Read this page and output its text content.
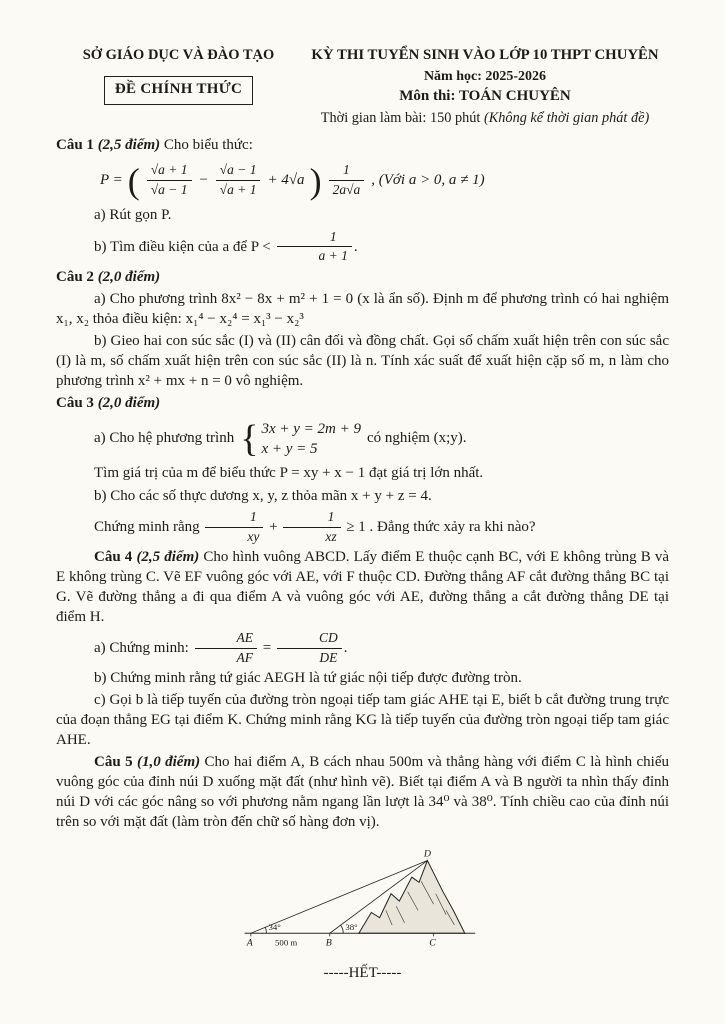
SỞ GIÁO DỤC VÀ ĐÀO TẠO
ĐỀ CHÍNH THỨC
KỲ THI TUYỂN SINH VÀO LỚP 10 THPT CHUYÊN
Năm học: 2025-2026
Môn thi: TOÁN CHUYÊN
Thời gian làm bài: 150 phút (Không kể thời gian phát đề)

Câu 1 (2,5 điểm) Cho biểu thức:

P = ( $\frac{√a + 1}{√a - 1} - \frac{√a - 1}{√a + 1} + 4√a$ ) $\frac{1}{2a√a}$ , (Với a > 0, a ≠ 1)

a) Rút gọn P.

b) Tìm điều kiện của a để $P < \frac{1}{a + 1}$ .

Câu 2 (2,0 điểm)

a) Cho phương trình 8x² − 8x + m² + 1 = 0 (x là ẩn số). Định m để phương trình có hai nghiệm x₁, x₂ thỏa điều kiện: x₁⁴ − x₂⁴ = x₁³ − x₂³

b) Gieo hai con súc sắc (I) và (II) cân đối và đồng chất. Gọi số chấm xuất hiện trên con súc sắc (I) là m, số chấm xuất hiện trên con súc sắc (II) là n. Tính xác suất để xuất hiện cặp số m, n làm cho phương trình x² + mx + n = 0 vô nghiệm.

Câu 3 (2,0 điểm)

a) Cho hệ phương trình { 3x + y = 2m + 9
x + y = 5
có nghiệm (x;y).

Tìm giá trị của m để biểu thức P = xy + x − 1 đạt giá trị lớn nhất.

b) Cho các số thực dương x, y, z thỏa mãn x + y + z = 4.

Chứng minh rằng $\frac{1}{xy} + \frac{1}{xz} \ge 1$ . Đẳng thức xảy ra khi nào?

Câu 4 (2,5 điểm) Cho hình vuông ABCD. Lấy điểm E thuộc cạnh BC, với E không trùng B và E không trùng C. Vẽ EF vuông góc với AE, với F thuộc CD. Đường thẳng AF cắt đường thẳng BC tại G. Vẽ đường thẳng a đi qua điểm A và vuông góc với AE, đường thẳng a cắt đường thẳng DE tại điểm H.

a) Chứng minh: $\frac{AE}{AF} = \frac{CD}{DE}$ .

b) Chứng minh rằng tứ giác AEGH là tứ giác nội tiếp được đường tròn.

c) Gọi b là tiếp tuyến của đường tròn ngoại tiếp tam giác AHE tại E, biết b cắt đường trung trực của đoạn thẳng EG tại điểm K. Chứng minh rằng KG là tiếp tuyến của đường tròn ngoại tiếp tam giác AHE.

Câu 5 (1,0 điểm) Cho hai điểm A, B cách nhau 500m và thẳng hàng với điểm C là hình chiếu vuông góc của đỉnh núi D xuống mặt đất (như hình vẽ). Biết tại điểm A và B người ta nhìn thấy đỉnh núi D với các góc nâng so với phương nằm ngang lần lượt là 34⁰ và 38⁰. Tính chiều cao của đỉnh núi trên so với mặt đất (làm tròn đến chữ số hàng đơn vị).

34°	38°
D
A	500 m	B	C

-----HẾT-----
